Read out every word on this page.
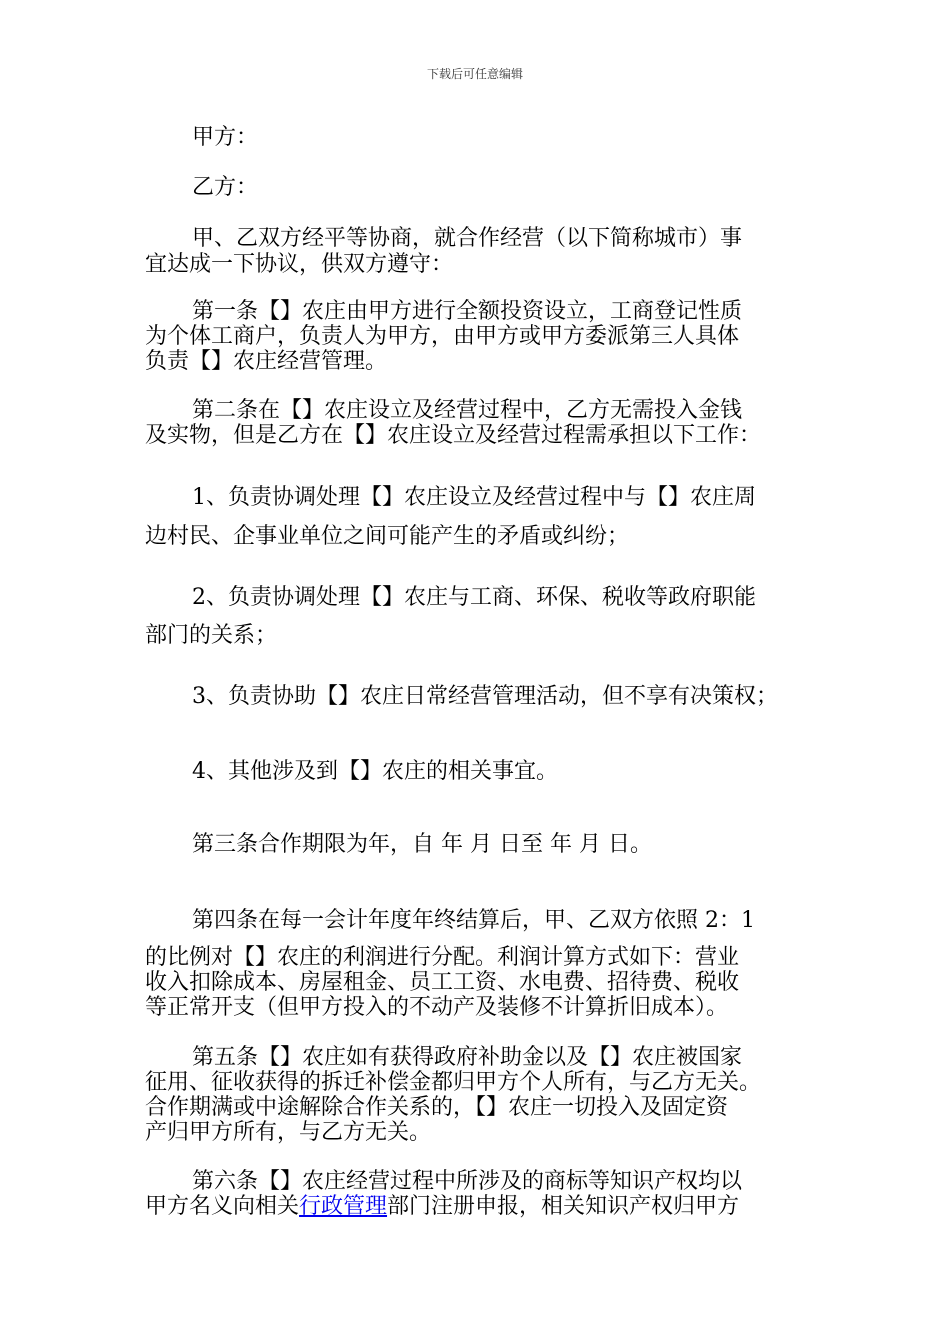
下载后可任意编辑

甲方：

乙方：

甲、乙双方经平等协商，就合作经营（以下简称城市）事

宜达成一下协议，供双方遵守：

第一条【】农庄由甲方进行全额投资设立，工商登记性质

为个体工商户，负责人为甲方，由甲方或甲方委派第三人具体

负责【】农庄经营管理。

第二条在【】农庄设立及经营过程中，乙方无需投入金钱

及实物，但是乙方在【】农庄设立及经营过程需承担以下工作：

1、负责协调处理【】农庄设立及经营过程中与【】农庄周

边村民、企事业单位之间可能产生的矛盾或纠纷；

2、负责协调处理【】农庄与工商、环保、税收等政府职能

部门的关系；

3、负责协助【】农庄日常经营管理活动，但不享有决策权；

4、其他涉及到【】农庄的相关事宜。

第三条合作期限为年，自 年 月 日至 年 月 日。

第四条在每一会计年度年终结算后，甲、乙双方依照 2：1

的比例对【】农庄的利润进行分配。利润计算方式如下：营业

收入扣除成本、房屋租金、员工工资、水电费、招待费、税收

等正常开支（但甲方投入的不动产及装修不计算折旧成本）。

第五条【】农庄如有获得政府补助金以及【】农庄被国家

征用、征收获得的拆迁补偿金都归甲方个人所有，与乙方无关。

合作期满或中途解除合作关系的，【】农庄一切投入及固定资

产归甲方所有，与乙方无关。

第六条【】农庄经营过程中所涉及的商标等知识产权均以

甲方名义向相关行政管理部门注册申报，相关知识产权归甲方
